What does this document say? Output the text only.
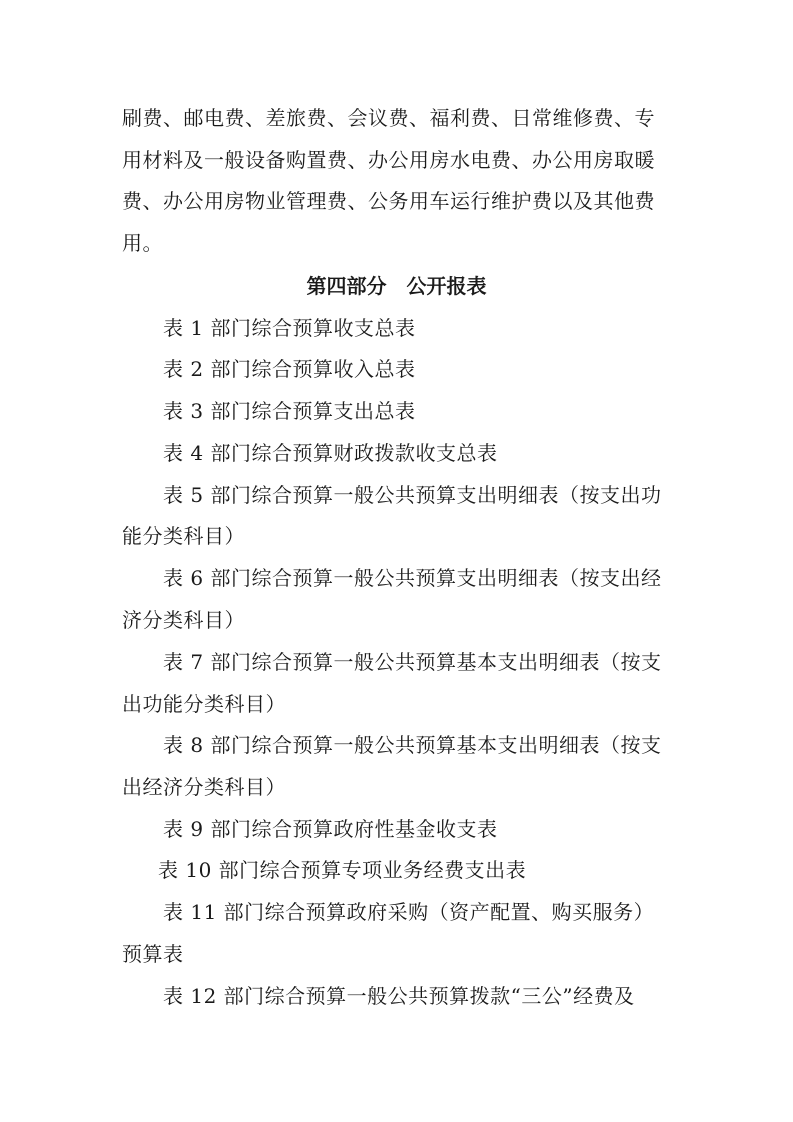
刷费、邮电费、差旅费、会议费、福利费、日常维修费、专
用材料及一般设备购置费、办公用房水电费、办公用房取暖
费、办公用房物业管理费、公务用车运行维护费以及其他费
用。
第四部分　公开报表
表 1 部门综合预算收支总表
表 2 部门综合预算收入总表
表 3 部门综合预算支出总表
表 4 部门综合预算财政拨款收支总表
表 5 部门综合预算一般公共预算支出明细表（按支出功
能分类科目）
表 6 部门综合预算一般公共预算支出明细表（按支出经
济分类科目）
表 7 部门综合预算一般公共预算基本支出明细表（按支
出功能分类科目）
表 8 部门综合预算一般公共预算基本支出明细表（按支
出经济分类科目）
表 9 部门综合预算政府性基金收支表
表 10 部门综合预算专项业务经费支出表
表 11 部门综合预算政府采购（资产配置、购买服务）
预算表
表 12 部门综合预算一般公共预算拨款“三公”经费及
